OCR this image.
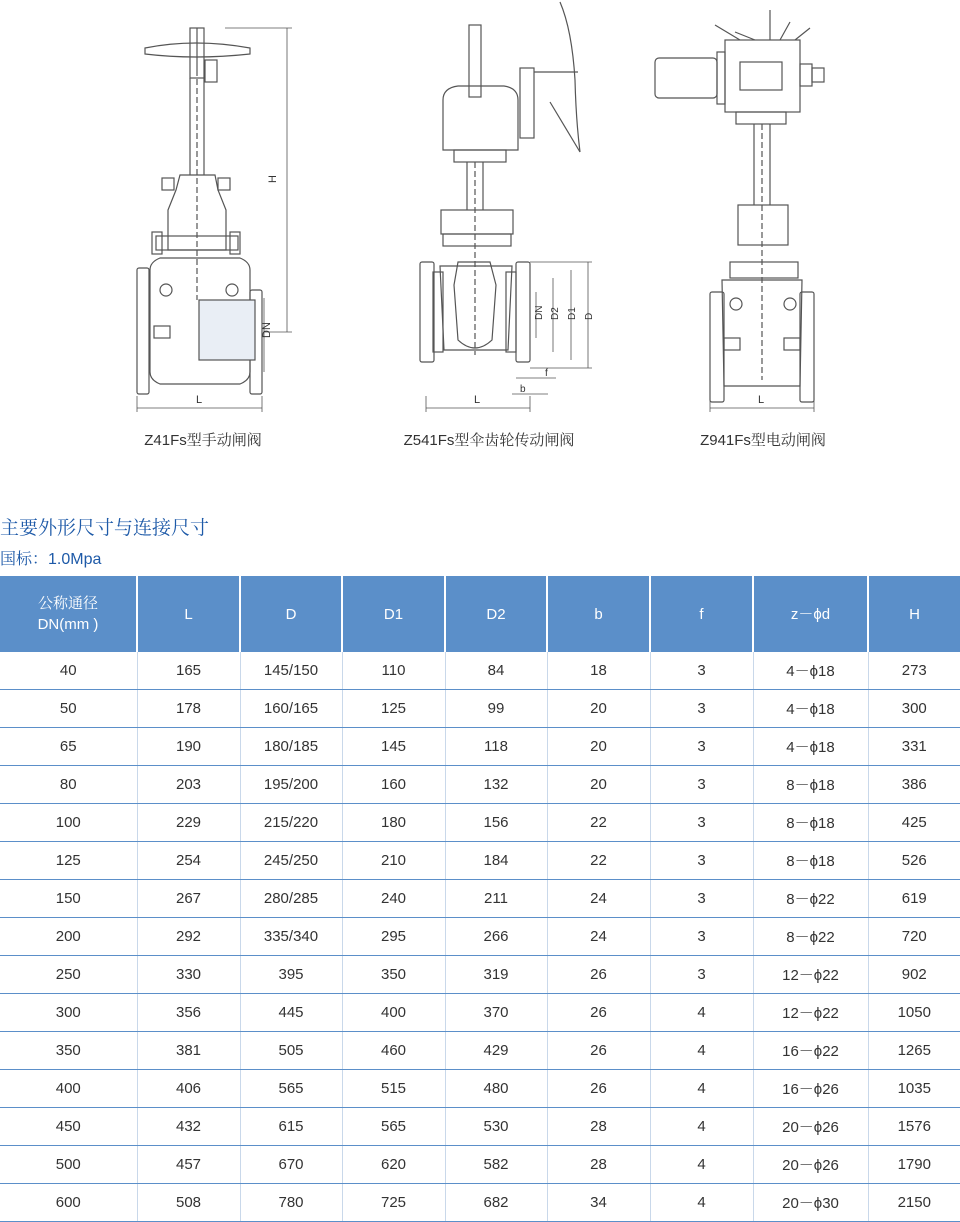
H
DN
L
DN D2 D1 D
f
b
L	L
Z41Fs型手动闸阀	Z541Fs型伞齿轮传动闸阀	Z941Fs型电动闸阀
主要外形尺寸与连接尺寸
国标：1.0Mpa
公称通径
DN(mm )	L	D	D1	D2	b	f	z－ϕd	H
40	165	145/150	110	84	18	3	4－ϕ18	273
50	178	160/165	125	99	20	3	4－ϕ18	300
65	190	180/185	145	118	20	3	4－ϕ18	331
80	203	195/200	160	132	20	3	8－ϕ18	386
100	229	215/220	180	156	22	3	8－ϕ18	425
125	254	245/250	210	184	22	3	8－ϕ18	526
150	267	280/285	240	211	24	3	8－ϕ22	619
200	292	335/340	295	266	24	3	8－ϕ22	720
250	330	395	350	319	26	3	12－ϕ22	902
300	356	445	400	370	26	4	12－ϕ22	1050
350	381	505	460	429	26	4	16－ϕ22	1265
400	406	565	515	480	26	4	16－ϕ26	1035
450	432	615	565	530	28	4	20－ϕ26	1576
500	457	670	620	582	28	4	20－ϕ26	1790
600	508	780	725	682	34	4	20－ϕ30	2150
